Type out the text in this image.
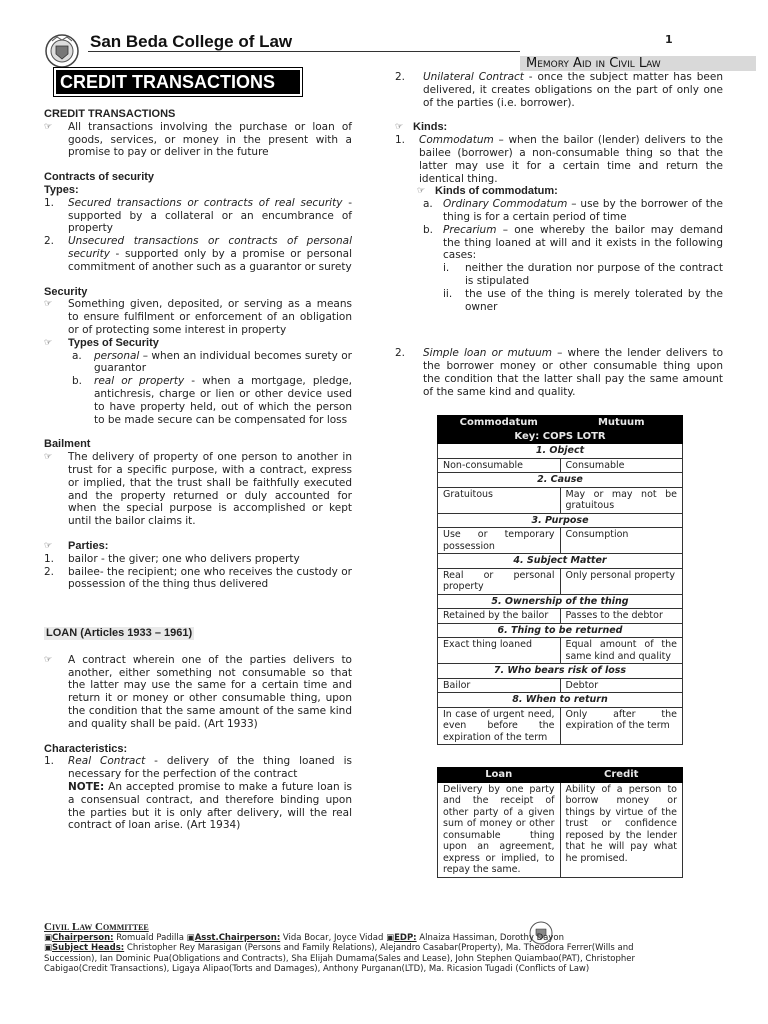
San Beda College of Law	1
Memory Aid in Civil Law
CREDIT TRANSACTIONS
CREDIT TRANSACTIONS
☞	All transactions involving the purchase or loan of goods, services, or money in the present with a promise to pay or deliver in the future
Contracts of security
Types:
1.	Secured transactions or contracts of real security - supported by a collateral or an encumbrance of property
2.	Unsecured transactions or contracts of personal security - supported only by a promise or personal commitment of another such as a guarantor or surety
Security
☞	Something given, deposited, or serving as a means to ensure fulfilment or enforcement of an obligation or of protecting some interest in property
☞	Types of Security
a.	personal – when an individual becomes surety or guarantor
b.	real or property - when a mortgage, pledge, antichresis, charge or lien or other device used to have property held, out of which the person to be made secure can be compensated for loss
Bailment
☞	The delivery of property of one person to another in trust for a specific purpose, with a contract, express or implied, that the trust shall be faithfully executed and the property returned or duly accounted for when the special purpose is accomplished or kept until the bailor claims it.
☞	Parties:
1.	bailor - the giver; one who delivers property
2.	bailee- the recipient; one who receives the custody or possession of the thing thus delivered
LOAN (Articles 1933 – 1961)
☞	A contract wherein one of the parties delivers to another, either something not consumable so that the latter may use the same for a certain time and return it or money or other consumable thing, upon the condition that the same amount of the same kind and quality shall be paid. (Art 1933)
Characteristics:
1.	Real Contract - delivery of the thing loaned is necessary for the perfection of the contract
NOTE: An accepted promise to make a future loan is a consensual contract, and therefore binding upon the parties but it is only after delivery, will the real contract of loan arise. (Art 1934)
2.	Unilateral Contract - once the subject matter has been delivered, it creates obligations on the part of only one of the parties (i.e. borrower).
☞ Kinds:
1.	Commodatum – when the bailor (lender) delivers to the bailee (borrower) a non-consumable thing so that the latter may use it for a certain time and return the identical thing.
☞ Kinds of commodatum:
a. Ordinary Commodatum – use by the borrower of the thing is for a certain period of time
b. Precarium – one whereby the bailor may demand the thing loaned at will and it exists in the following cases:
i.	neither the duration nor purpose of the contract is stipulated
ii.	the use of the thing is merely tolerated by the owner
2.	Simple loan or mutuum – where the lender delivers to the borrower money or other consumable thing upon the condition that the latter shall pay the same amount of the same kind and quality.
Commodatum	Mutuum
Key: COPS LOTR	
1. Object	
Non-consumable	Consumable
2. Cause	
Gratuitous	May or may not be gratuitous
3. Purpose	
Use or temporary possession	Consumption
4. Subject Matter	
Real or personal property	Only personal property
5. Ownership of the thing	
Retained by the bailor	Passes to the debtor
6. Thing to be returned	
Exact thing loaned	Equal amount of the same kind and quality
7. Who bears risk of loss	
Bailor	Debtor
8. When to return	
In case of urgent need, even before the expiration of the term	Only after the expiration of the term
Loan	Credit
Delivery by one party and the receipt of other party of a given sum of money or other consumable thing upon an agreement, express or implied, to repay the same.	Ability of a person to borrow money or things by virtue of the trust or confidence reposed by the lender that he will pay what he promised.
Civil Law Committee
▣Chairperson: Romuald Padilla ▣Asst.Chairperson: Vida Bocar, Joyce Vidad ▣EDP: Alnaiza Hassiman, Dorothy Dayon
▣Subject Heads: Christopher Rey Marasigan (Persons and Family Relations), Alejandro Casabar(Property), Ma. Theodora Ferrer(Wills and Succession), Ian Dominic Pua(Obligations and Contracts), Sha Elijah Dumama(Sales and Lease), John Stephen Quiambao(PAT), Christopher Cabigao(Credit Transactions), Ligaya Alipao(Torts and Damages), Anthony Purganan(LTD), Ma. Ricasion Tugadi (Conflicts of Law)
